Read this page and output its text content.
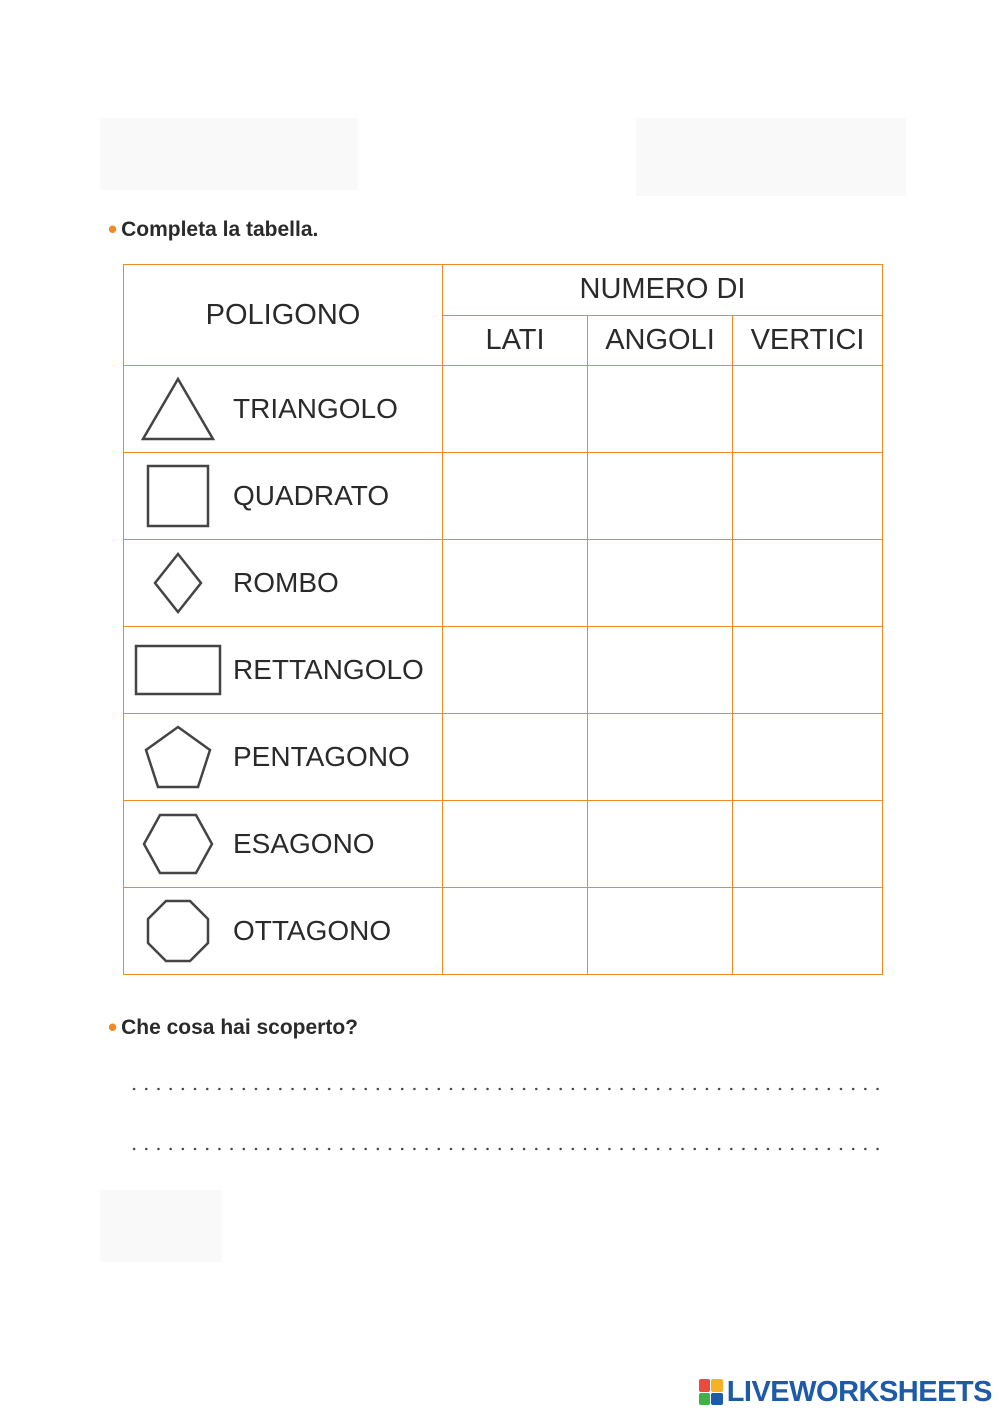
• Completa la tabella.
POLIGONO	NUMERO DI		
	LATI	ANGOLI	VERTICI

TRIANGOLO			

QUADRATO			

ROMBO			

RETTANGOLO			

PENTAGONO			

ESAGONO			

OTTAGONO			

• Che cosa hai scoperto?
LIVEWORKSHEETS
